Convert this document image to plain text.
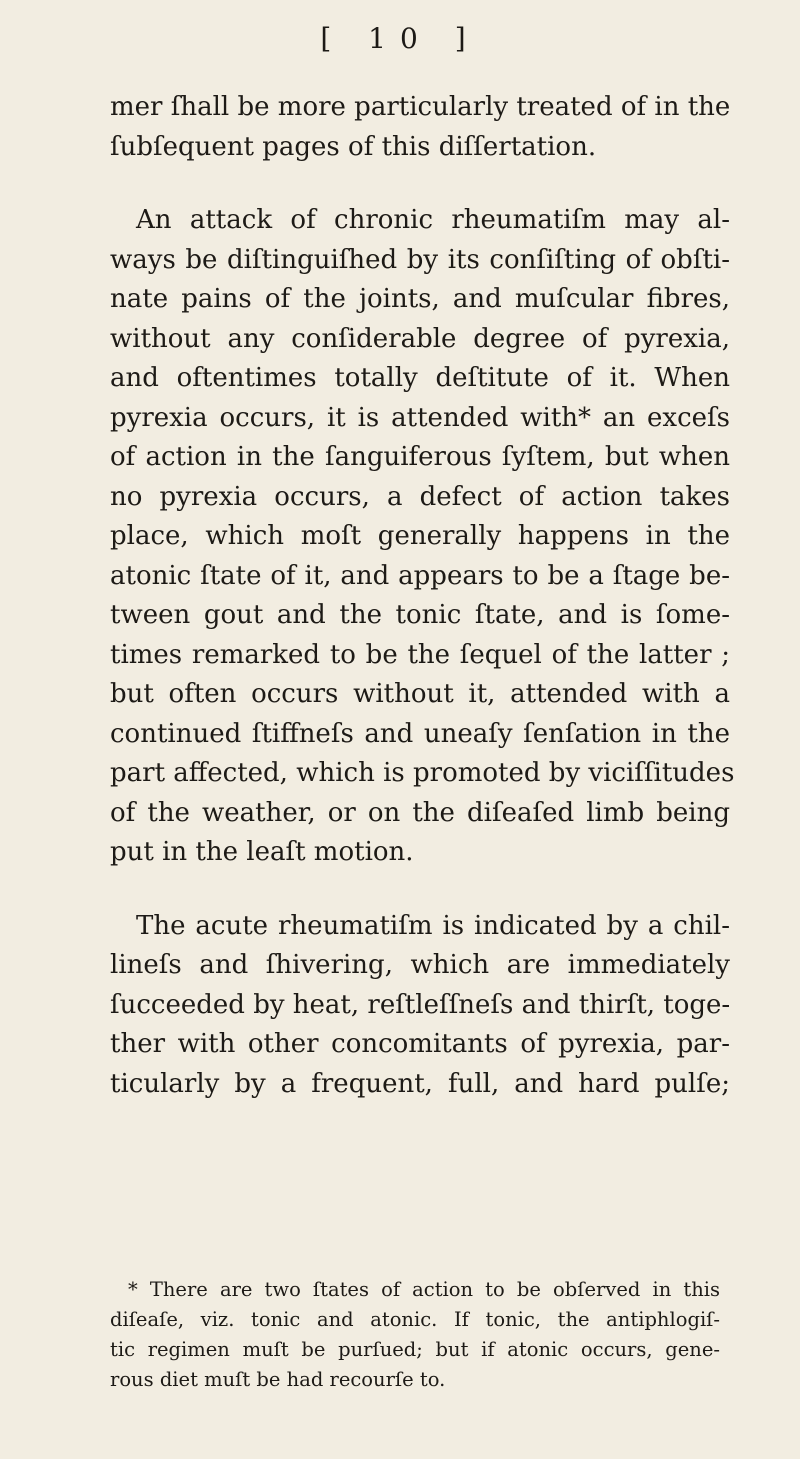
[ 10 ]
mer ſhall be more particularly treated of in the
ſubſequent pages of this diſſertation.
An attack of chronic rheumatiſm may al-
ways be diſtinguiſhed by its conſiſting of obſti-
nate pains of the joints, and muſcular fibres,
without any conſiderable degree of pyrexia,
and oftentimes totally deſtitute of it. When
pyrexia occurs, it is attended with* an exceſs
of action in the ſanguiferous ſyſtem, but when
no pyrexia occurs, a defect of action takes
place, which moſt generally happens in the
atonic ſtate of it, and appears to be a ſtage be-
tween gout and the tonic ſtate, and is ſome-
times remarked to be the ſequel of the latter ;
but often occurs without it, attended with a
continued ſtiffneſs and uneaſy ſenſation in the
part affected, which is promoted by viciſſitudes
of the weather, or on the diſeaſed limb being
put in the leaſt motion.
The acute rheumatiſm is indicated by a chil-
lineſs and ſhivering, which are immediately
ſucceeded by heat, reſtleſſneſs and thirſt, toge-
ther with other concomitants of pyrexia, par-
ticularly by a frequent, full, and hard pulſe;
* There are two ſtates of action to be obſerved in this
diſeaſe, viz. tonic and atonic. If tonic, the antiphlogiſ-
tic regimen muſt be purſued; but if atonic occurs, gene-
rous diet muſt be had recourſe to.
